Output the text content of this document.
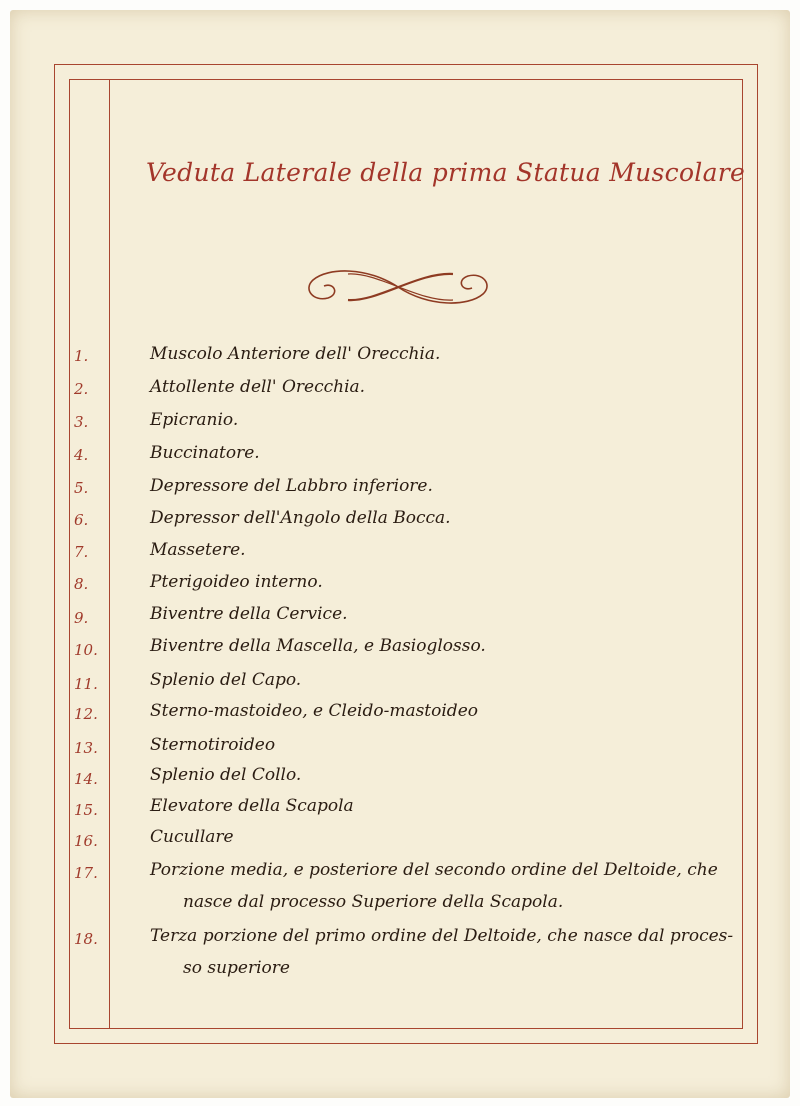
Veduta Laterale della prima Statua Muscolare
1.	Muscolo Anteriore dell' Orecchia.
2.	Attollente dell' Orecchia.
3.	Epicranio.
4.	Buccinatore.
5.	Depressore del Labbro inferiore.
6.	Depressor dell'Angolo della Bocca.
7.	Massetere.
8.	Pterigoideo interno.
9.	Biventre della Cervice.
10.	Biventre della Mascella, e Basioglosso.
11.	Splenio del Capo.
12.	Sterno-mastoideo, e Cleido-mastoideo
13.	Sternotiroideo
14.	Splenio del Collo.
15.	Elevatore della Scapola
16.	Cucullare
17.	Porzione media, e posteriore del secondo ordine del Deltoide, che
nasce dal processo Superiore della Scapola.
18.	Terza porzione del primo ordine del Deltoide, che nasce dal proces-
so superiore
